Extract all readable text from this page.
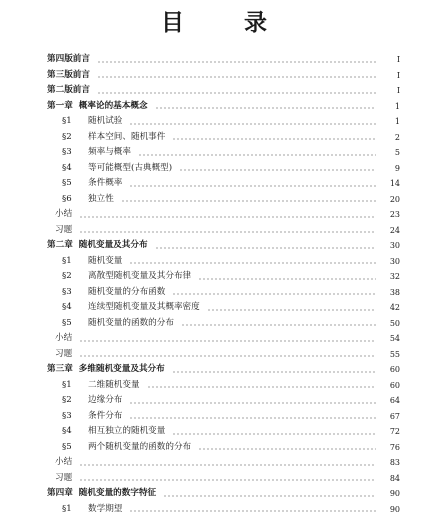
目 录
第四版前言	I
第三版前言	I
第二版前言	I
第一章 概率论的基本概念	1
§1	随机试验	1
§2	样本空间、随机事件	2
§3	频率与概率	5
§4	等可能概型(古典概型)	9
§5	条件概率	14
§6	独立性	20
小结	23
习题	24
第二章 随机变量及其分布	30
§1	随机变量	30
§2	离散型随机变量及其分布律	32
§3	随机变量的分布函数	38
§4	连续型随机变量及其概率密度	42
§5	随机变量的函数的分布	50
小结	54
习题	55
第三章 多维随机变量及其分布	60
§1	二维随机变量	60
§2	边缘分布	64
§3	条件分布	67
§4	相互独立的随机变量	72
§5	两个随机变量的函数的分布	76
小结	83
习题	84
第四章 随机变量的数字特征	90
§1	数学期望	90
